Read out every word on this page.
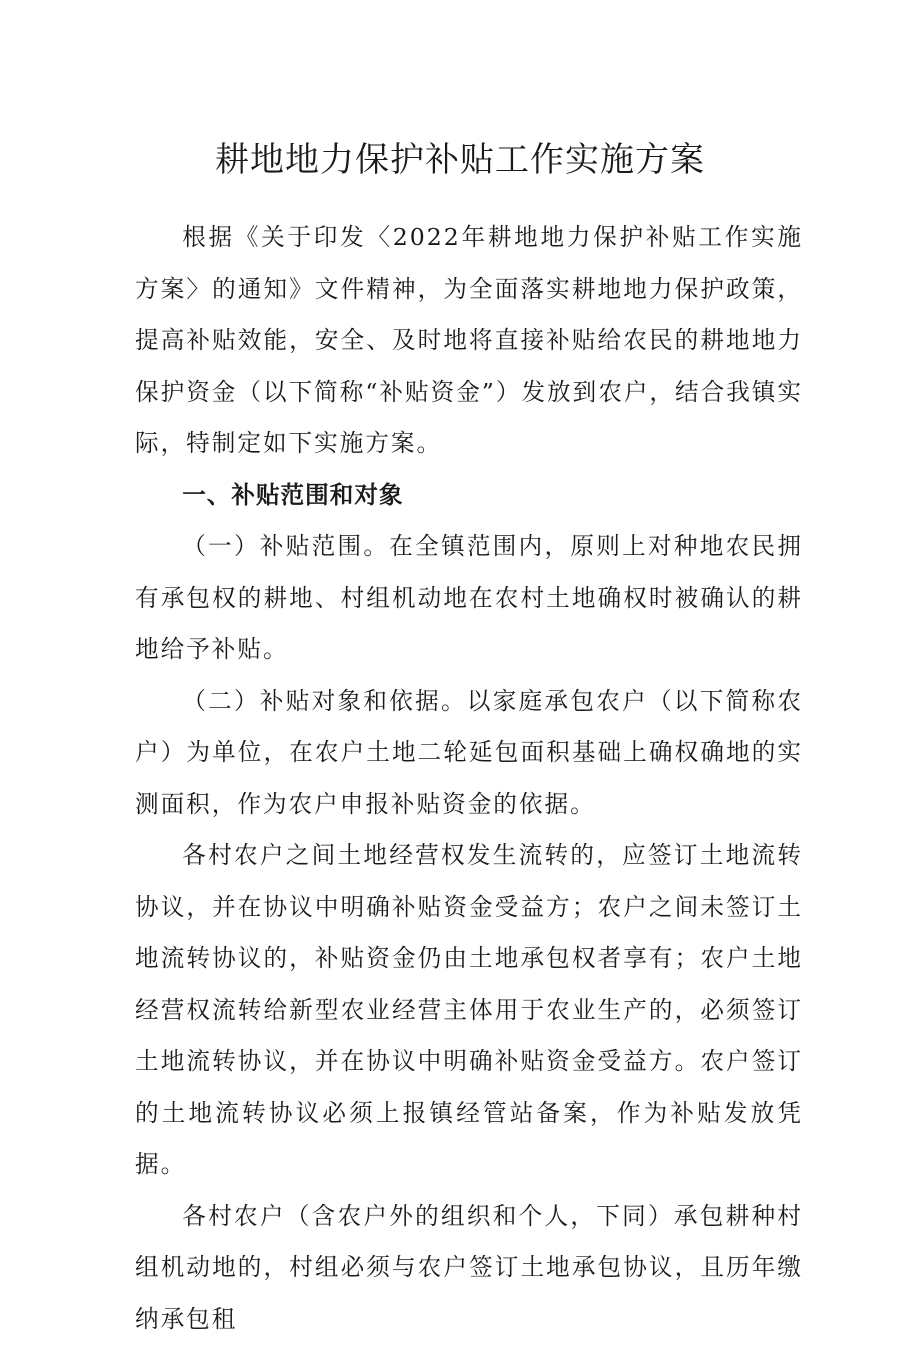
耕地地力保护补贴工作实施方案

根据《关于印发〈2022年耕地地力保护补贴工作实施方案〉的通知》文件精神，为全面落实耕地地力保护政策，提高补贴效能，安全、及时地将直接补贴给农民的耕地地力保护资金（以下简称“补贴资金”）发放到农户，结合我镇实际，特制定如下实施方案。

一、补贴范围和对象

（一）补贴范围。在全镇范围内，原则上对种地农民拥有承包权的耕地、村组机动地在农村土地确权时被确认的耕地给予补贴。

（二）补贴对象和依据。以家庭承包农户（以下简称农户）为单位，在农户土地二轮延包面积基础上确权确地的实测面积，作为农户申报补贴资金的依据。

各村农户之间土地经营权发生流转的，应签订土地流转协议，并在协议中明确补贴资金受益方；农户之间未签订土地流转协议的，补贴资金仍由土地承包权者享有；农户土地经营权流转给新型农业经营主体用于农业生产的，必须签订土地流转协议，并在协议中明确补贴资金受益方。农户签订的土地流转协议必须上报镇经管站备案，作为补贴发放凭据。

各村农户（含农户外的组织和个人，下同）承包耕种村组机动地的，村组必须与农户签订土地承包协议，且历年缴纳承包租
